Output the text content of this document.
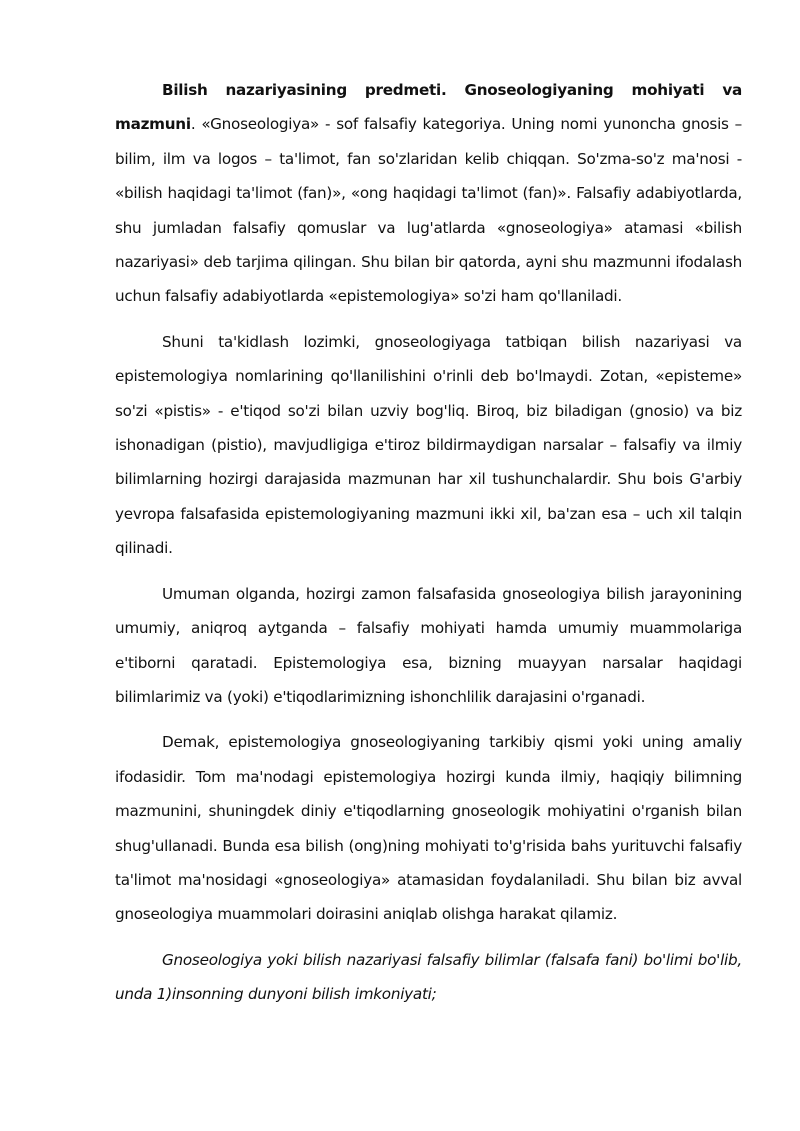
Bilish nazariyasining predmeti. Gnoseologiyaning mohiyati va mazmuni. «Gnoseologiya» - sof falsafiy kategoriya. Uning nomi yunoncha gnosis – bilim, ilm va logos – ta'limot, fan so'zlaridan kelib chiqqan. So'zma-so'z ma'nosi - «bilish haqidagi ta'limot (fan)», «ong haqidagi ta'limot (fan)». Falsafiy adabiyotlarda, shu jumladan falsafiy qomuslar va lug'atlarda «gnoseologiya» atamasi «bilish nazariyasi» deb tarjima qilingan. Shu bilan bir qatorda, ayni shu mazmunni ifodalash uchun falsafiy adabiyotlarda «epistemologiya» so'zi ham qo'llaniladi.

Shuni ta'kidlash lozimki, gnoseologiyaga tatbiqan bilish nazariyasi va epistemologiya nomlarining qo'llanilishini o'rinli deb bo'lmaydi. Zotan, «episteme» so'zi «pistis» - e'tiqod so'zi bilan uzviy bog'liq. Biroq, biz biladigan (gnosio) va biz ishonadigan (pistio), mavjudligiga e'tiroz bildirmaydigan narsalar – falsafiy va ilmiy bilimlarning hozirgi darajasida mazmunan har xil tushunchalardir. Shu bois G'arbiy yevropa falsafasida epistemologiyaning mazmuni ikki xil, ba'zan esa – uch xil talqin qilinadi.

Umuman olganda, hozirgi zamon falsafasida gnoseologiya bilish jarayonining umumiy, aniqroq aytganda – falsafiy mohiyati hamda umumiy muammolariga e'tiborni qaratadi. Epistemologiya esa, bizning muayyan narsalar haqidagi bilimlarimiz va (yoki) e'tiqodlarimizning ishonchlilik darajasini o'rganadi.

Demak, epistemologiya gnoseologiyaning tarkibiy qismi yoki uning amaliy ifodasidir. Tom ma'nodagi epistemologiya hozirgi kunda ilmiy, haqiqiy bilimning mazmunini, shuningdek diniy e'tiqodlarning gnoseologik mohiyatini o'rganish bilan shug'ullanadi. Bunda esa bilish (ong)ning mohiyati to'g'risida bahs yurituvchi falsafiy ta'limot ma'nosidagi «gnoseologiya» atamasidan foydalaniladi. Shu bilan biz avval gnoseologiya muammolari doirasini aniqlab olishga harakat qilamiz.

Gnoseologiya yoki bilish nazariyasi falsafiy bilimlar (falsafa fani) bo'limi bo'lib, unda 1)insonning dunyoni bilish imkoniyati;
